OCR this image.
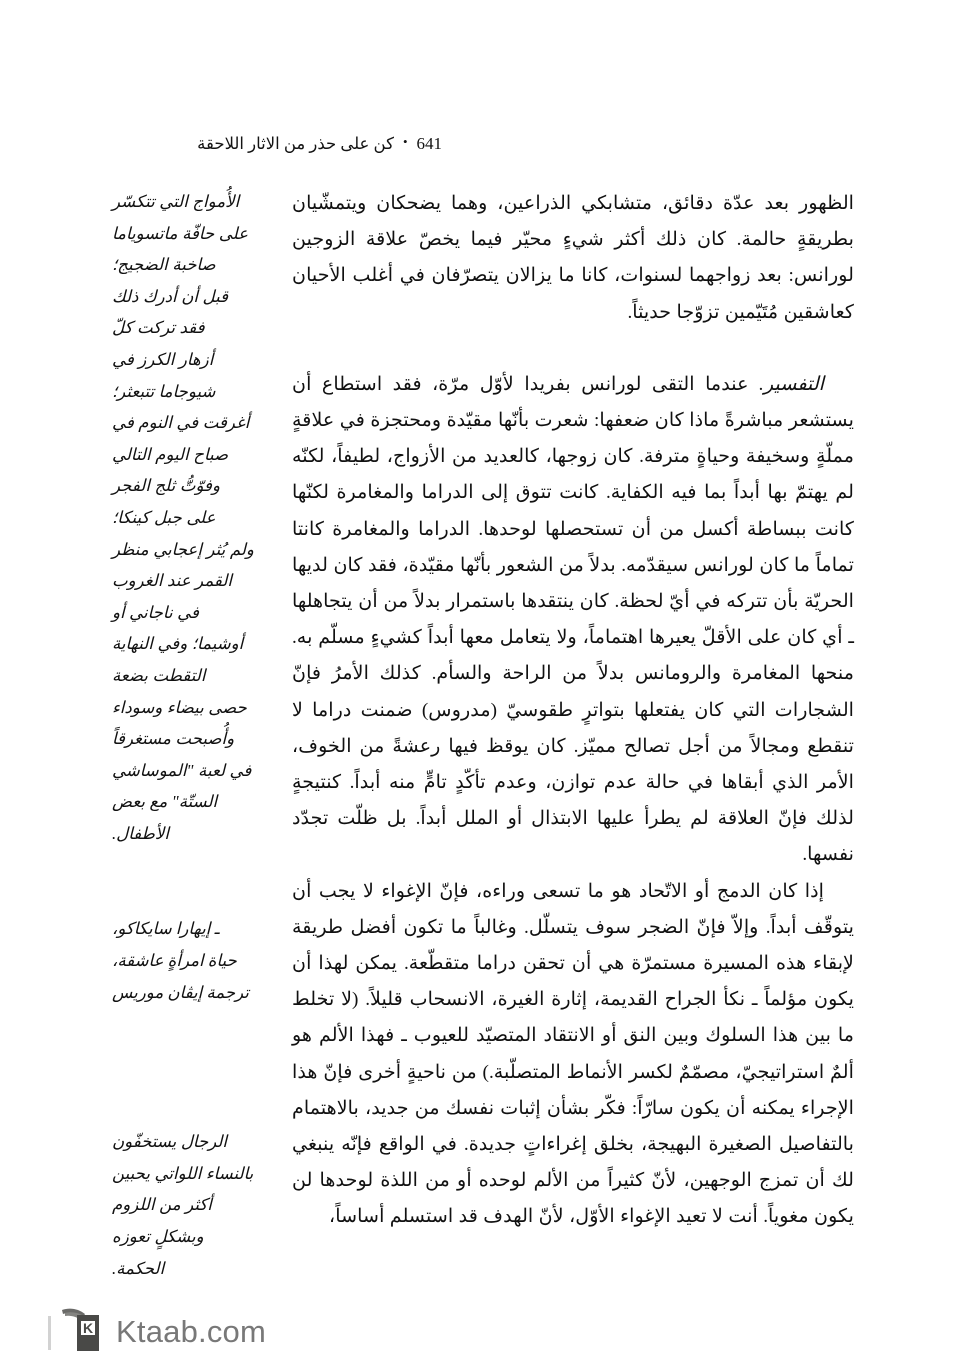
641
•
كن على حذر من الاثار اللاحقة

الظهور بعد عدّة دقائق، متشابكي الذراعين، وهما يضحكان ويتمشّيان بطريقةٍ حالمة. كان ذلك أكثر شيءٍ محيّر فيما يخصّ علاقة الزوجين لورانس: بعد زواجهما لسنوات، كانا ما يزالان يتصرّفان في أغلب الأحيان كعاشقين مُتَيّمين تزوّجا حديثاً.

التفسير. عندما التقى لورانس بفريدا لأوّل مرّة، فقد استطاع أن يستشعر مباشرةً ماذا كان ضعفها: شعرت بأنّها مقيّدة ومحتجزة في علاقةٍ مملّةٍ وسخيفة وحياةٍ مترفة. كان زوجها، كالعديد من الأزواج، لطيفاً، لكنّه لم يهتمّ بها أبداً بما فيه الكفاية. كانت تتوق إلى الدراما والمغامرة لكنّها كانت ببساطة أكسل من أن تستحصلها لوحدها. الدراما والمغامرة كانتا تماماً ما كان لورانس سيقدّمه. بدلاً من الشعور بأنّها مقيّدة، فقد كان لديها الحريّة بأن تتركه في أيّ لحظة. كان ينتقدها باستمرار بدلاً من أن يتجاهلها ـ أي كان على الأقلّ يعيرها اهتماماً، ولا يتعامل معها أبداً كشيءٍ مسلّم به. منحها المغامرة والرومانس بدلاً من الراحة والسأم. كذلك الأمرُ فإنّ الشجارات التي كان يفتعلها بتواترٍ طقوسيّ (مدروس) ضمنت دراما لا تنقطع ومجالاً من أجل تصالح مميّز. كان يوقظ فيها رعشةً من الخوف، الأمر الذي أبقاها في حالة عدم توازن، وعدم تأكّدٍ تامٍّ منه أبداً. كنتيجةٍ لذلك فإنّ العلاقة لم يطرأ عليها الابتذال أو الملل أبداً. بل ظلّت تجدّد نفسها.

إذا كان الدمج أو الاتّحاد هو ما تسعى وراءه، فإنّ الإغواء لا يجب أن يتوقّف أبداً. وإلاّ فإنّ الضجر سوف يتسلّل. وغالباً ما تكون أفضل طريقة لإبقاء هذه المسيرة مستمرّة هي أن تحقن دراما متقطّعة. يمكن لهذا أن يكون مؤلماً ـ نكأ الجراح القديمة، إثارة الغيرة، الانسحاب قليلاً. (لا تخلط ما بين هذا السلوك وبين النق أو الانتقاد المتصيّد للعيوب ـ فهذا الألم هو ألمٌ استراتيجيّ، مصمّمٌ لكسر الأنماط المتصلّبة.) من ناحيةٍ أخرى فإنّ هذا الإجراء يمكنه أن يكون سارّاً: فكّر بشأن إثبات نفسك من جديد، بالاهتمام بالتفاصيل الصغيرة البهيجة، بخلق إغراءاتٍ جديدة. في الواقع فإنّه ينبغي لك أن تمزج الوجهين، لأنّ كثيراً من الألم لوحده أو من اللذة لوحدها لن يكون مغوياً. أنت لا تعيد الإغواء الأوّل، لأنّ الهدف قد استسلم أساساً،

الأُمواج التي تتكسّر
على حافّة ماتسوياما
صاخبة الضجيج؛
قبل أن أدرك ذلك
فقد تركت كلّ
أزهار الكرز في
شيوجاما تتبعثر؛
أغرقت في النوم في
صباح اليوم التالي
وفوّتُّ ثلج الفجر
على جبل كينكا؛
ولم يُثر إعجابي منظر
القمر عند الغروب
في ناجاني أو
أوشيما؛ وفي النهاية
التقطت بضعة
حصى بيضاء وسوداء
وأُصبحت مستغرقاً
في لعبة "الموساشي
الستّة" مع بعض
الأطفال.
ـ إيهارا سايكاكو،
حياة امرأةٍ عاشقة،
ترجمة إيڤان موريس
الرجال يستخفّون
بالنساء اللواتي يحبين
أكثر من اللزوم
وبشكلٍ تعوزه
الحكمة.
K Ktaab.com
